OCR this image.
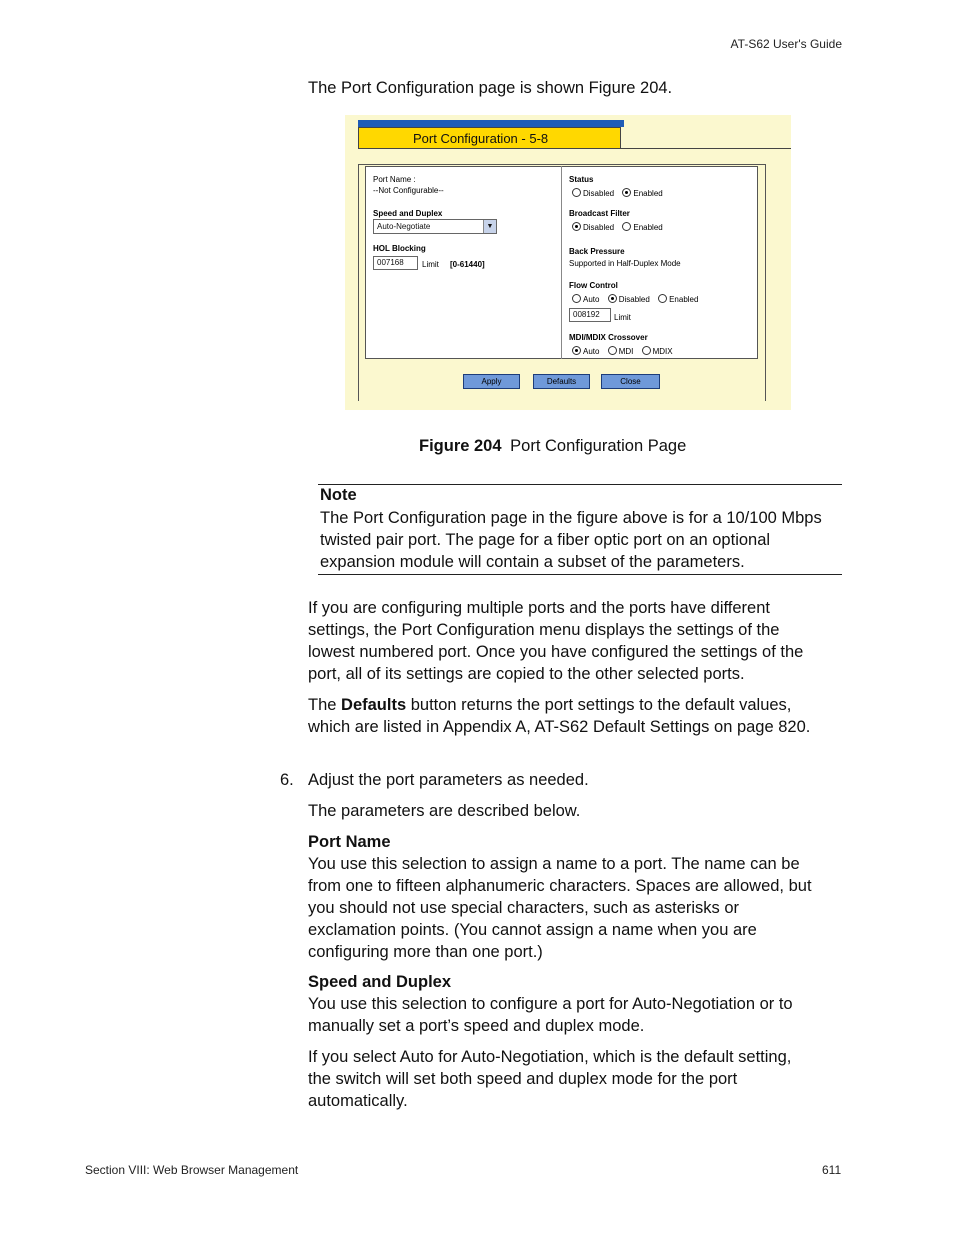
AT-S62 User's Guide
The Port Configuration page is shown Figure 204.
Port Configuration - 5-8
Port Name :
--Not Configurable--
Speed and Duplex
Auto-Negotiate	▼
HOL Blocking
007168	Limit [0-61440]
Status
Disabled Enabled
Broadcast Filter
Disabled Enabled
Back Pressure
Supported in Half-Duplex Mode
Flow Control
Auto Disabled Enabled
008192	Limit
MDI/MDIX Crossover
Auto MDI MDIX
Apply	Defaults	Close
Figure 204 Port Configuration Page
Note
The Port Configuration page in the figure above is for a 10/100 Mbps twisted pair port. The page for a fiber optic port on an optional expansion module will contain a subset of the parameters.
If you are configuring multiple ports and the ports have different settings, the Port Configuration menu displays the settings of the lowest numbered port. Once you have configured the settings of the port, all of its settings are copied to the other selected ports.
The Defaults button returns the port settings to the default values, which are listed in Appendix A, AT-S62 Default Settings on page 820.
6. Adjust the port parameters as needed.
The parameters are described below.
Port Name
You use this selection to assign a name to a port. The name can be from one to fifteen alphanumeric characters. Spaces are allowed, but you should not use special characters, such as asterisks or exclamation points. (You cannot assign a name when you are configuring more than one port.)
Speed and Duplex
You use this selection to configure a port for Auto-Negotiation or to manually set a port’s speed and duplex mode.
If you select Auto for Auto-Negotiation, which is the default setting, the switch will set both speed and duplex mode for the port automatically.
Section VIII: Web Browser Management	611
